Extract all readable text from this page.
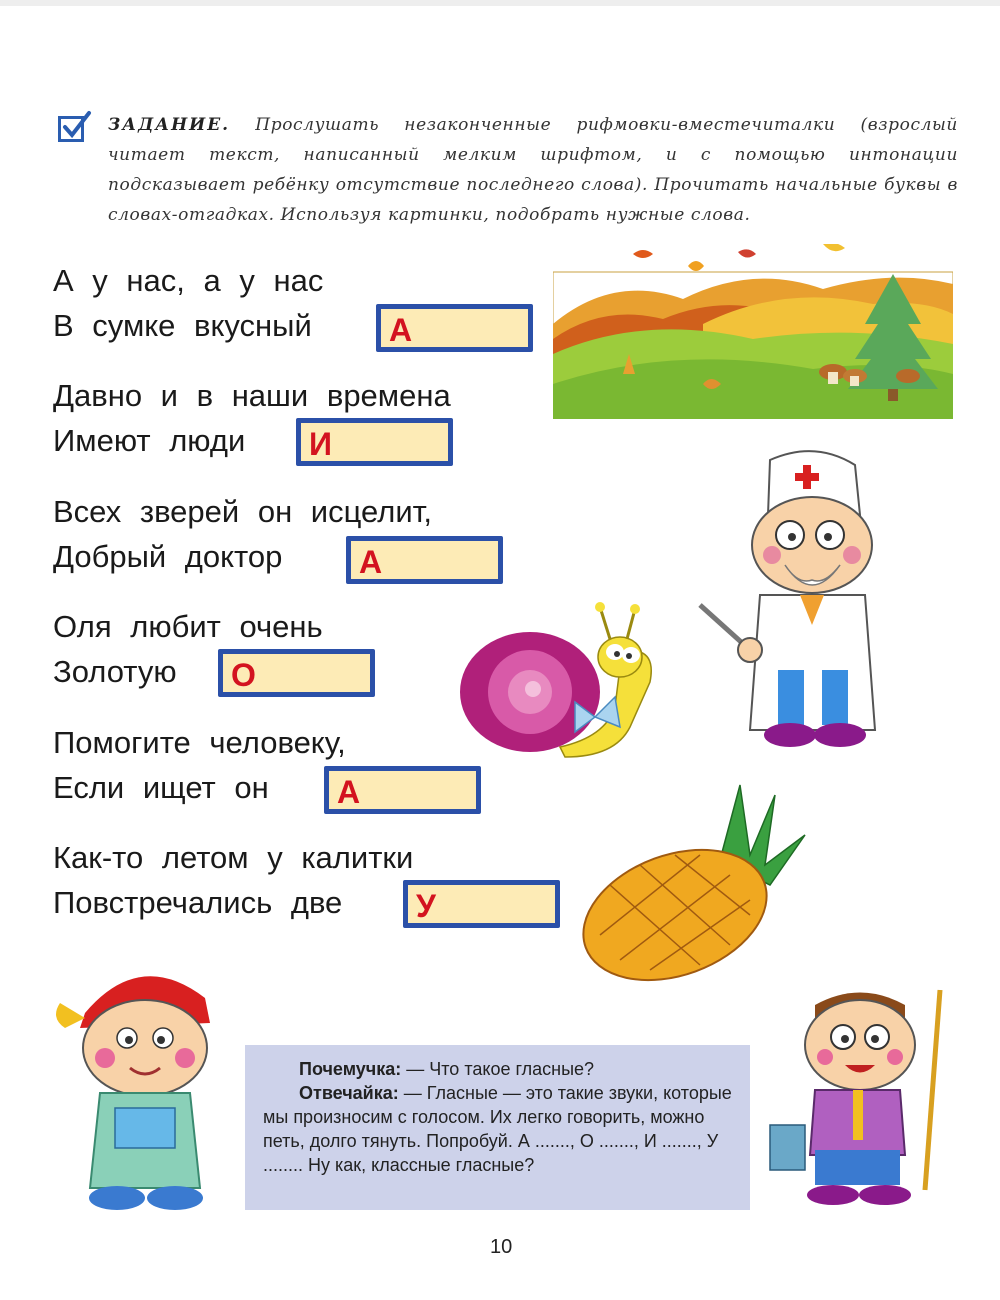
ЗАДАНИЕ. Прослушать незаконченные рифмовки-вместечиталки (взрослый читает текст, написанный мелким шрифтом, и с помощью интонации подсказывает ребёнку отсутствие последнего слова). Прочитать начальные буквы в словах-отгадках. Используя картинки, подобрать нужные слова.
А у нас, а у нас
В сумке вкусный	А
Давно и в наши времена
Имеют люди	И
Всех зверей он исцелит,
Добрый доктор	А
Оля любит очень
Золотую	О
Помогите человеку,
Если ищет он	А
Как-то летом у калитки
Повстречались две	У
Почемучка: — Что такое гласные?
Отвечайка: — Гласные — это такие звуки, которые мы произносим с голосом. Их легко говорить, можно петь, долго тянуть. Попробуй. А ......., О ......., И ......., У ........ Ну как, классные гласные?
10
